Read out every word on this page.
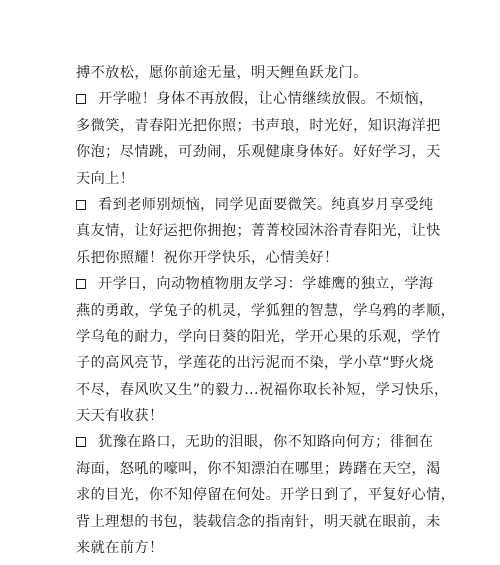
搏不放松，愿你前途无量，明天鲤鱼跃龙门。
开学啦！身体不再放假，让心情继续放假。不烦恼，
多微笑，青春阳光把你照；书声琅，时光好，知识海洋把
你泡；尽情跳，可劲闹，乐观健康身体好。好好学习，天
天向上！
看到老师别烦恼，同学见面要微笑。纯真岁月享受纯
真友情，让好运把你拥抱；菁菁校园沐浴青春阳光，让快
乐把你照耀！祝你开学快乐，心情美好！
开学日，向动物植物朋友学习：学雄鹰的独立，学海
燕的勇敢，学兔子的机灵，学狐狸的智慧，学乌鸦的孝顺，
学乌龟的耐力，学向日葵的阳光，学开心果的乐观，学竹
子的高风亮节，学莲花的出污泥而不染，学小草“野火烧
不尽，春风吹又生”的毅力...祝福你取长补短，学习快乐，
天天有收获！
犹豫在路口，无助的泪眼，你不知路向何方；徘徊在
海面，怒吼的嚎叫，你不知漂泊在哪里；踌躇在天空，渴
求的目光，你不知停留在何处。开学日到了，平复好心情，
背上理想的书包，装载信念的指南针，明天就在眼前，未
来就在前方！
